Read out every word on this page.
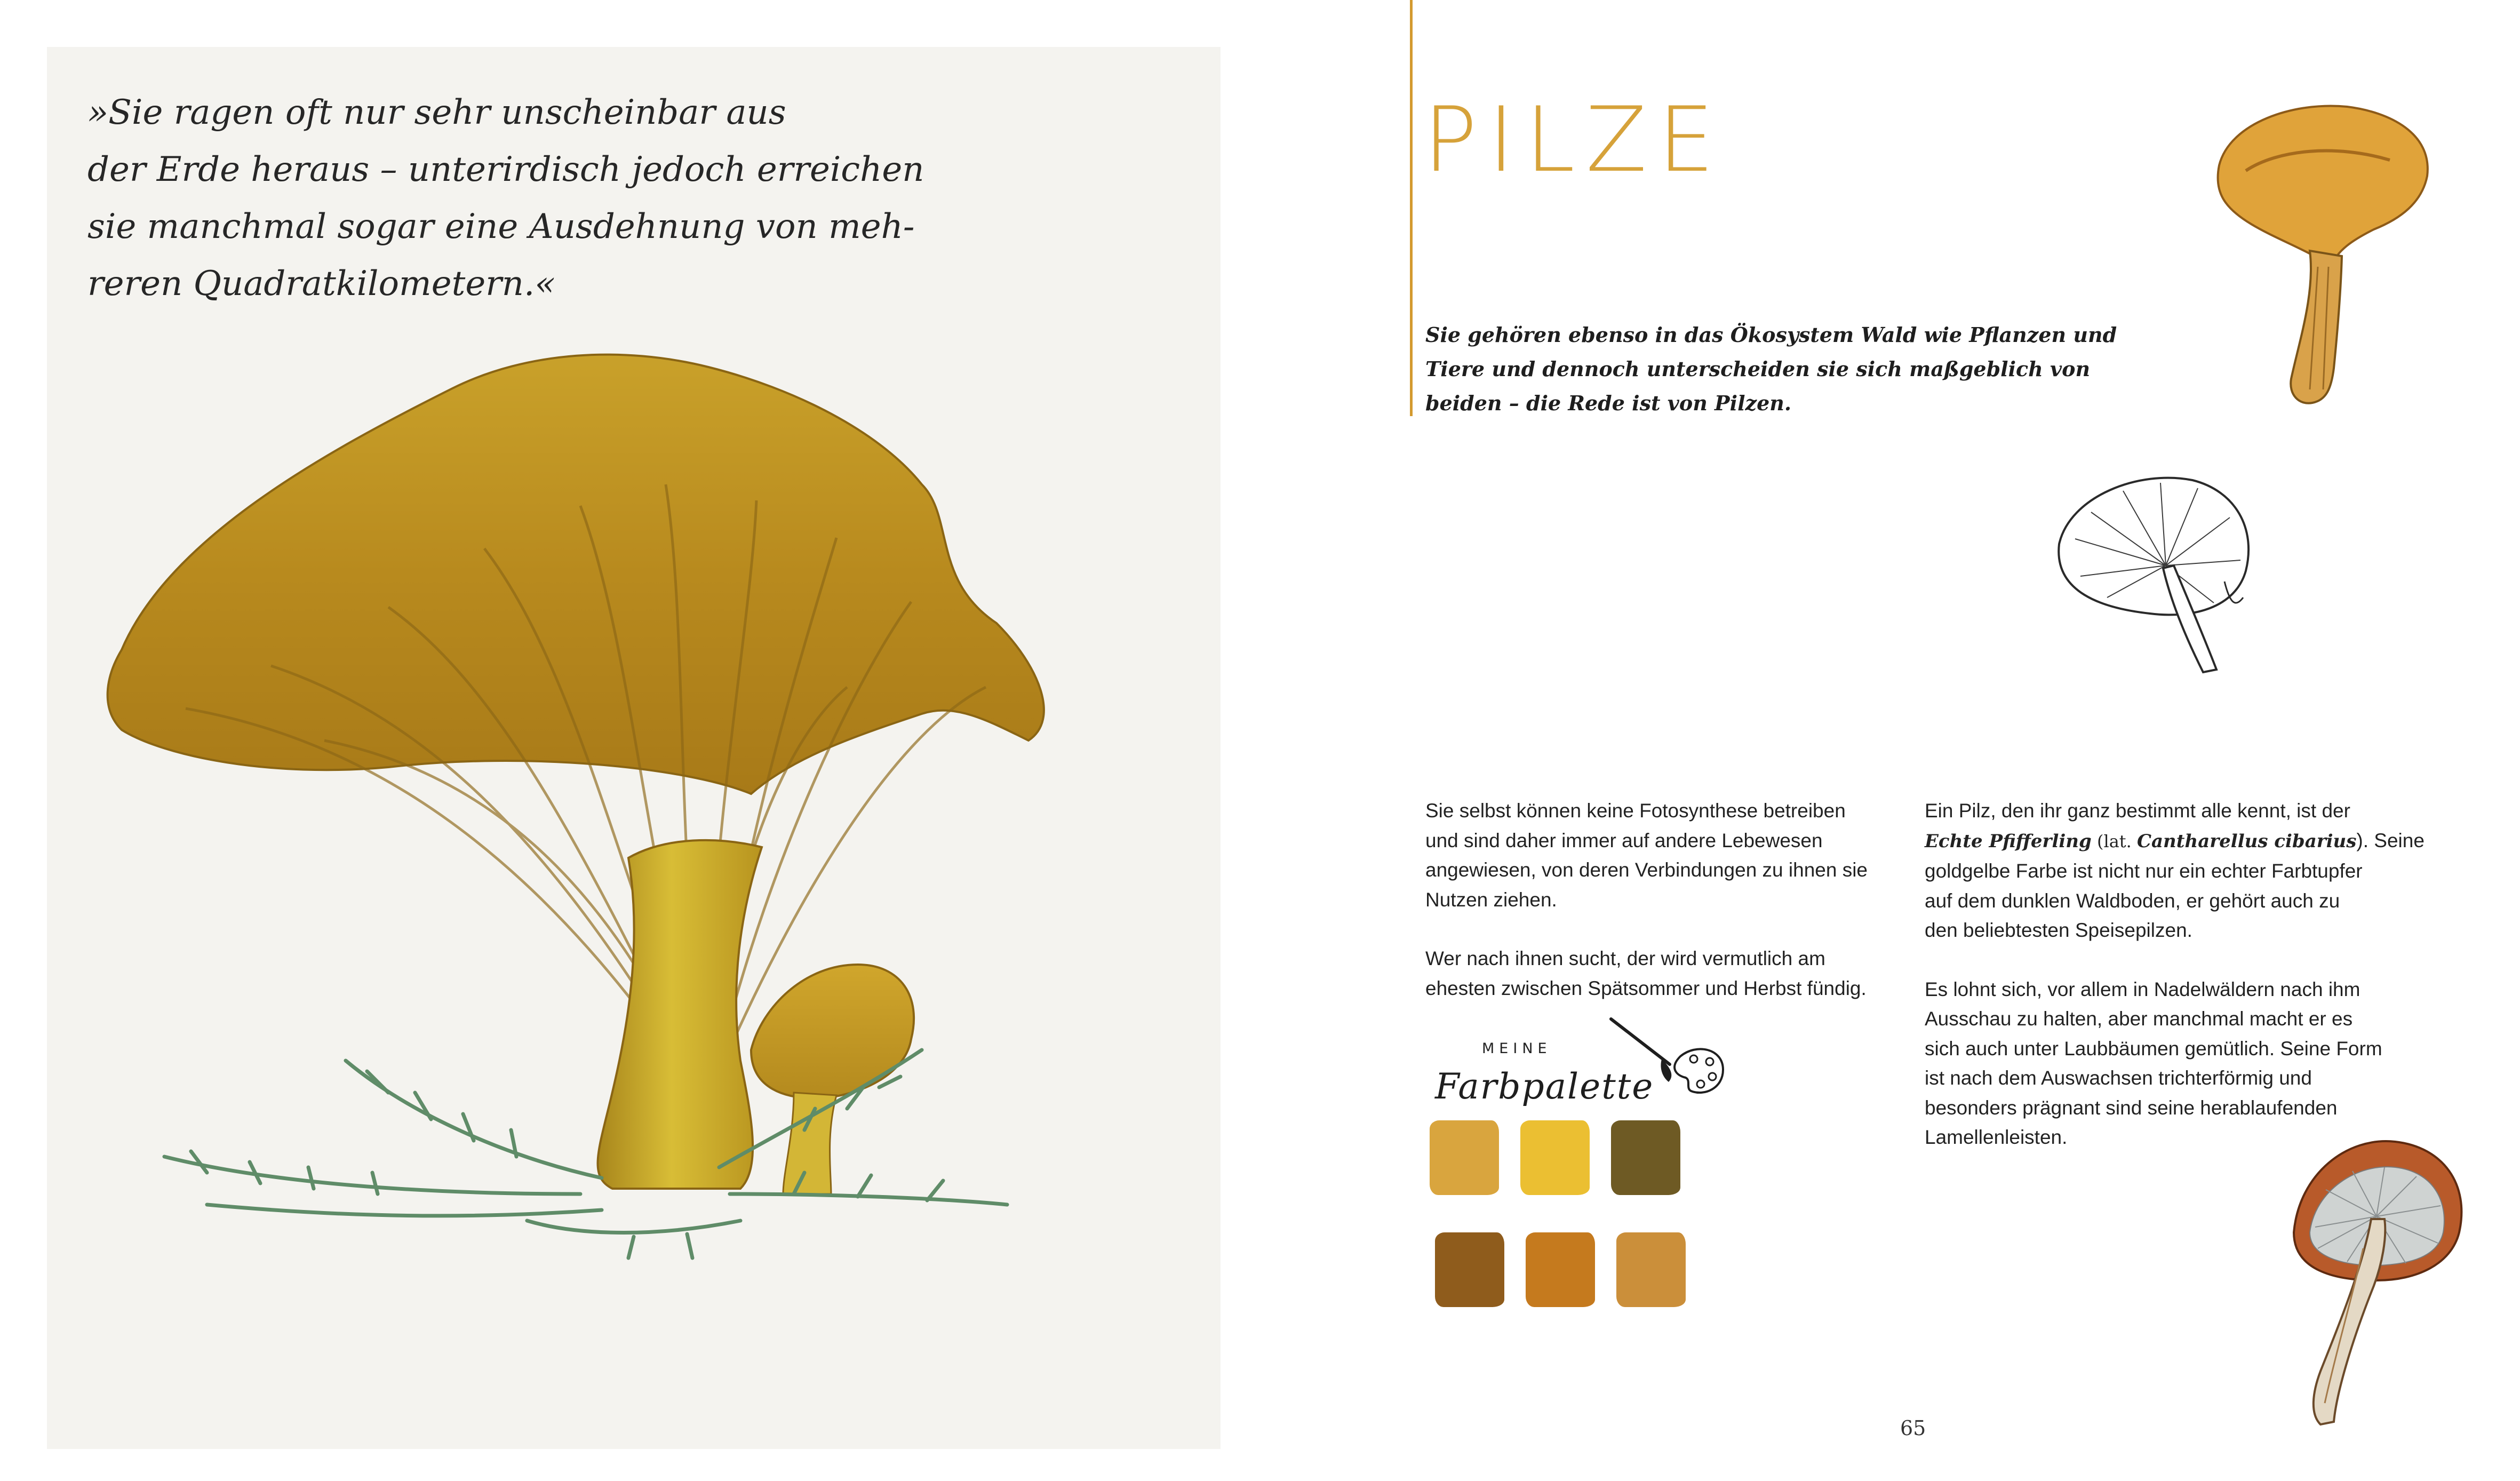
»Sie ragen oft nur sehr unscheinbar aus
der Erde heraus – unterirdisch jedoch erreichen
sie manchmal sogar eine Ausdehnung von meh-
reren Quadratkilometern.«

PILZE

Sie gehören ebenso in das Ökosystem Wald wie Pflanzen und
Tiere und dennoch unterscheiden sie sich maßgeblich von
beiden – die Rede ist von Pilzen.

Sie selbst können keine Fotosynthese betreiben
und sind daher immer auf andere Lebewesen
angewiesen, von deren Verbindungen zu ihnen sie
Nutzen ziehen.
Wer nach ihnen sucht, der wird vermutlich am
ehesten zwischen Spätsommer und Herbst fündig.
Ein Pilz, den ihr ganz bestimmt alle kennt, ist der
Echte Pfifferling (lat. Cantharellus cibarius). Seine
goldgelbe Farbe ist nicht nur ein echter Farbtupfer
auf dem dunklen Waldboden, er gehört auch zu
den beliebtesten Speisepilzen.
Es lohnt sich, vor allem in Nadelwäldern nach ihm
Ausschau zu halten, aber manchmal macht er es
sich auch unter Laubbäumen gemütlich. Seine Form
ist nach dem Auswachsen trichterförmig und
besonders prägnant sind seine herablaufenden
Lamellenleisten.
MEINE
Farbpalette
65
